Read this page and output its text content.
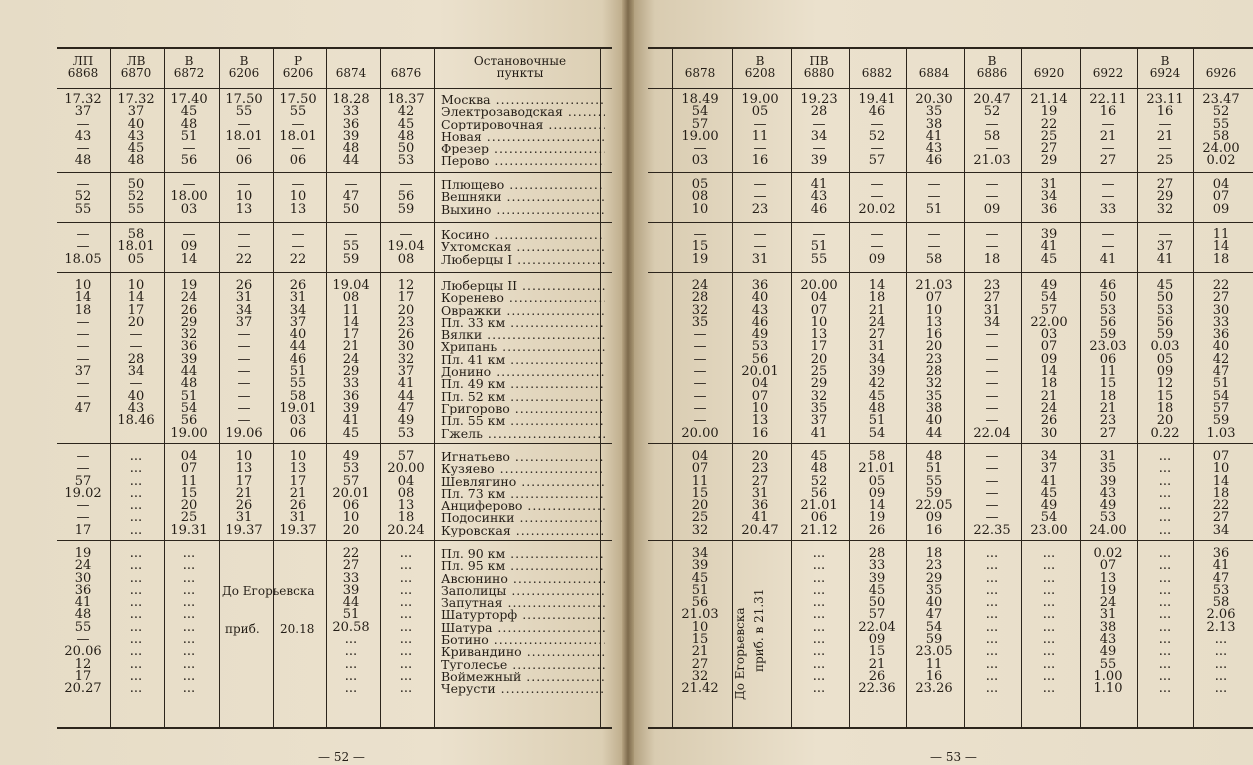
ЛП
6868
17.32
37
—
43
—
48
—
52
55
—
—
18.05
10
14
18
—
—
—
—
37
—
—
47
—
—
57
19.02
—
—
17
19
24
30
36
41
48
55
—
20.06
12
17
20.27
ЛВ
6870
17.32
37
40
43
45
48
50
52
55
58
18.01
05
10
14
17
20
—
—
28
34
—
40
43
18.46
...
...
...
...
...
...
...
...
...
...
...
...
...
...
...
...
...
...
...
В
6872
17.40
45
48
51
—
56
—
18.00
03
—
09
14
19
24
26
29
32
36
39
44
48
51
54
56
19.00
04
07
11
15
20
25
19.31
...
...
...
...
...
...
...
...
...
...
...
...
В
6206
17.50
55
—
18.01
—
06
—
10
13
—
—
22
26
31
34
37
—
—
—
—
—
—
—
—
19.06
10
13
17
21
26
31
19.37
Р
6206
17.50
55
—
18.01
—
06
—
10
13
—
—
22
26
31
34
37
40
44
46
51
55
58
19.01
03
06
10
13
17
21
26
31
19.37
6874
18.28
33
36
39
48
44
—
47
50
—
55
59
19.04
08
11
14
17
21
24
29
33
36
39
41
45
49
53
57
20.01
06
10
20
22
27
33
39
44
51
20.58
...
...
...
...
...
6876
18.37
42
45
48
50
53
—
56
59
—
19.04
08
12
17
20
23
26
30
32
37
41
44
47
49
53
57
20.00
04
08
13
18
20.24
...
...
...
...
...
...
...
...
...
...
...
...
Остановочные
пункты
Москва .....
Электрозаводская .....
Сортировочная .....
Новая .....
Фрезер .....
Перово .....
Плющево .....
Вешняки .....
Выхино .....
Косино .....
Ухтомская .....
Люберцы I .....
Люберцы II .....
Коренево .....
Овражки .....
Пл. 33 км .....
Вялки .....
Хрипань .....
Пл. 41 км .....
Донино .....
Пл. 49 км .....
Пл. 52 км .....
Григорово .....
Пл. 55 км .....
Гжель .....
Игнатьево .....
Кузяево .....
Шевлягино .....
Пл. 73 км .....
Анциферово .....
Подосинки .....
Куровская .....
Пл. 90 км .....
Пл. 95 км .....
Авсюнино .....
Заполицы .....
Запутная .....
Шатурторф .....
Шатура .....
Ботино .....
Кривандино .....
Туголесье .....
Воймежный .....
Черусти .....
До Егорьевска
приб. 20.18
— 52 —
6878
18.49
54
57
19.00
—
03
05
08
10
—
15
19
24
28
32
35
—
—
—
—
—
—
—
—
20.00
04
07
11
15
20
25
32
34
39
45
51
56
21.03
10
15
21
27
32
21.42
В
6208
19.00
05
—
11
—
16
—
—
23
—
—
31
36
40
43
46
49
53
56
20.01
04
07
10
13
16
20
23
27
31
36
41
20.47
ПВ
6880
19.23
28
—
34
—
39
41
43
46
—
51
55
20.00
04
07
10
13
17
20
25
29
32
35
37
41
45
48
52
56
21.01
06
21.12
...
...
...
...
...
...
...
...
...
...
...
...
6882
19.41
46
—
52
—
57
—
—
20.02
—
—
09
14
18
21
24
27
31
34
39
42
45
48
51
54
58
21.01
05
09
14
19
26
28
33
39
45
50
57
22.04
09
15
21
26
22.36
6884
20.30
35
38
41
43
46
—
—
51
—
—
58
21.03
07
10
13
16
20
23
28
32
35
38
40
44
48
51
55
59
22.05
09
16
18
23
29
35
40
47
54
59
23.05
11
16
23.26
В
6886
20.47
52
—
58
—
21.03
—
—
09
—
—
18
23
27
31
34
—
—
—
—
—
—
—
—
22.04
—
—
—
—
—
—
22.35
...
...
...
...
...
...
...
...
...
...
...
...
6920
21.14
19
22
25
27
29
31
34
36
39
41
45
49
54
57
22.00
03
07
09
14
18
21
24
26
30
34
37
41
45
49
54
23.00
...
...
...
...
...
...
...
...
...
...
...
...
6922
22.11
16
—
21
—
27
—
—
33
—
—
41
46
50
53
56
59
23.03
06
11
15
18
21
23
27
31
35
39
43
49
53
24.00
0.02
07
13
19
24
31
38
43
49
55
1.00
1.10
В
6924
23.11
16
—
21
—
25
27
29
32
—
37
41
45
50
53
56
59
0.03
05
09
12
15
18
20
0.22
...
...
...
...
...
...
...
...
...
...
...
...
...
...
...
...
...
...
...
6926
23.47
52
55
58
24.00
0.02
04
07
09
11
14
18
22
27
30
33
36
40
42
47
51
54
57
59
1.03
07
10
14
18
22
27
34
36
41
47
53
58
2.06
2.13
...
...
...
...
...
До Егорьевска приб. в 21.31
— 53 —
